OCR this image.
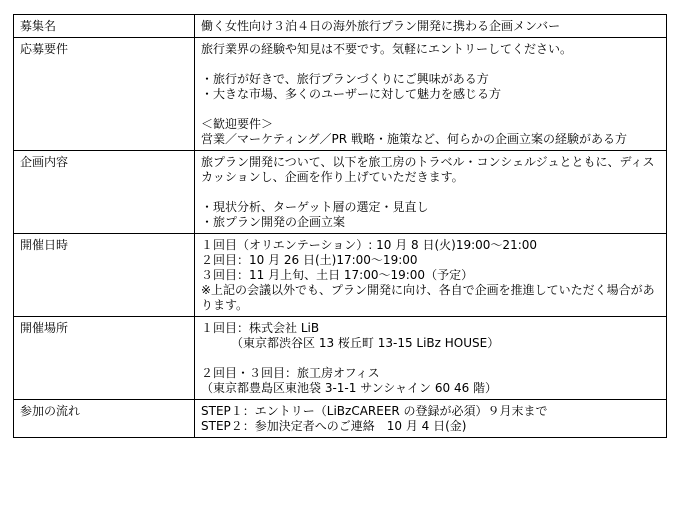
募集名	働く女性向け３泊４日の海外旅行プラン開発に携わる企画メンバー

応募要件	旅行業界の経験や知見は不要です。気軽にエントリーしてください。
・旅行が好きで、旅行プランづくりにご興味がある方
・大きな市場、多くのユーザーに対して魅力を感じる方
＜歓迎要件＞
営業／マーケティング／PR 戦略・施策など、何らかの企画立案の経験がある方

企画内容	旅プラン開発について、以下を旅工房のトラベル・コンシェルジュとともに、ディスカッションし、企画を作り上げていただきます。
・現状分析、ターゲット層の選定・見直し
・旅プラン開発の企画立案

開催日時	１回目（オリエンテーション）: 10 月 8 日(火)19:00～21:00
２回目：10 月 26 日(土)17:00～19:00
３回目：11 月上旬、土日 17:00～19:00（予定）
※上記の会議以外でも、プラン開発に向け、各自で企画を推進していただく場合があります。

開催場所	１回目：株式会社 LiB
　　　（東京都渋谷区 13 桜丘町 13-15 LiBz HOUSE）
２回目・３回目：旅工房オフィス
（東京都豊島区東池袋 3-1-1 サンシャイン 60 46 階）

参加の流れ	STEP１：エントリー（LiBzCAREER の登録が必須）９月末まで
STEP２：参加決定者へのご連絡　10 月 4 日(金)
